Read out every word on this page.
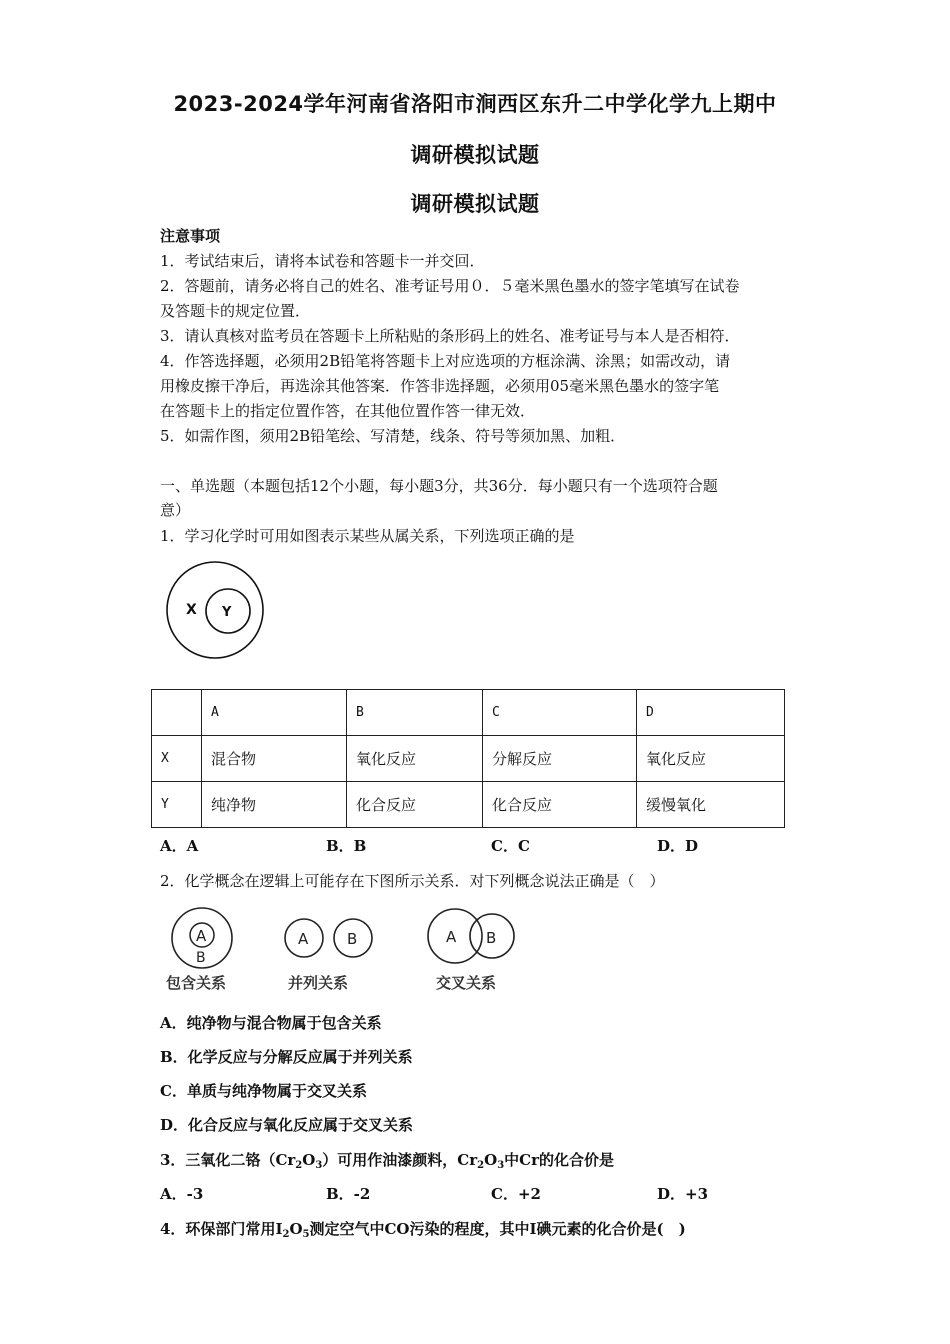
2023-2024学年河南省洛阳市涧西区东升二中学化学九上期中
调研模拟试题
调研模拟试题
注意事项
1．考试结束后，请将本试卷和答题卡一并交回．
2．答题前，请务必将自己的姓名、准考证号用０．５毫米黑色墨水的签字笔填写在试卷
及答题卡的规定位置．
3．请认真核对监考员在答题卡上所粘贴的条形码上的姓名、准考证号与本人是否相符．
4．作答选择题，必须用2B铅笔将答题卡上对应选项的方框涂满、涂黑；如需改动，请
用橡皮擦干净后，再选涂其他答案．作答非选择题，必须用05毫米黑色墨水的签字笔
在答题卡上的指定位置作答，在其他位置作答一律无效．
5．如需作图，须用2B铅笔绘、写清楚，线条、符号等须加黑、加粗．
一、单选题（本题包括12个小题，每小题3分，共36分．每小题只有一个选项符合题
意）
1．学习化学时可用如图表示某些从属关系，下列选项正确的是
X Y
	A	B	C	D
X	混合物	氧化反应	分解反应	氧化反应
Y	纯净物	化合反应	化合反应	缓慢氧化
A．A	B．B	C．C	D．D
2．化学概念在逻辑上可能存在下图所示关系．对下列概念说法正确是（　）
A
B
A	B	A B
包含关系	并列关系	交叉关系
A．纯净物与混合物属于包含关系
B．化学反应与分解反应属于并列关系
C．单质与纯净物属于交叉关系
D．化合反应与氧化反应属于交叉关系
3．三氧化二铬$(Cr_2O_3)$可用作油漆颜料，$Cr_2O_3$中Cr的化合价是
A．-3	B．-2	C．+2	D．+3
4．环保部门常用$I_2O_5$测定空气中CO污染的程度，其中I碘元素的化合价是(　)
